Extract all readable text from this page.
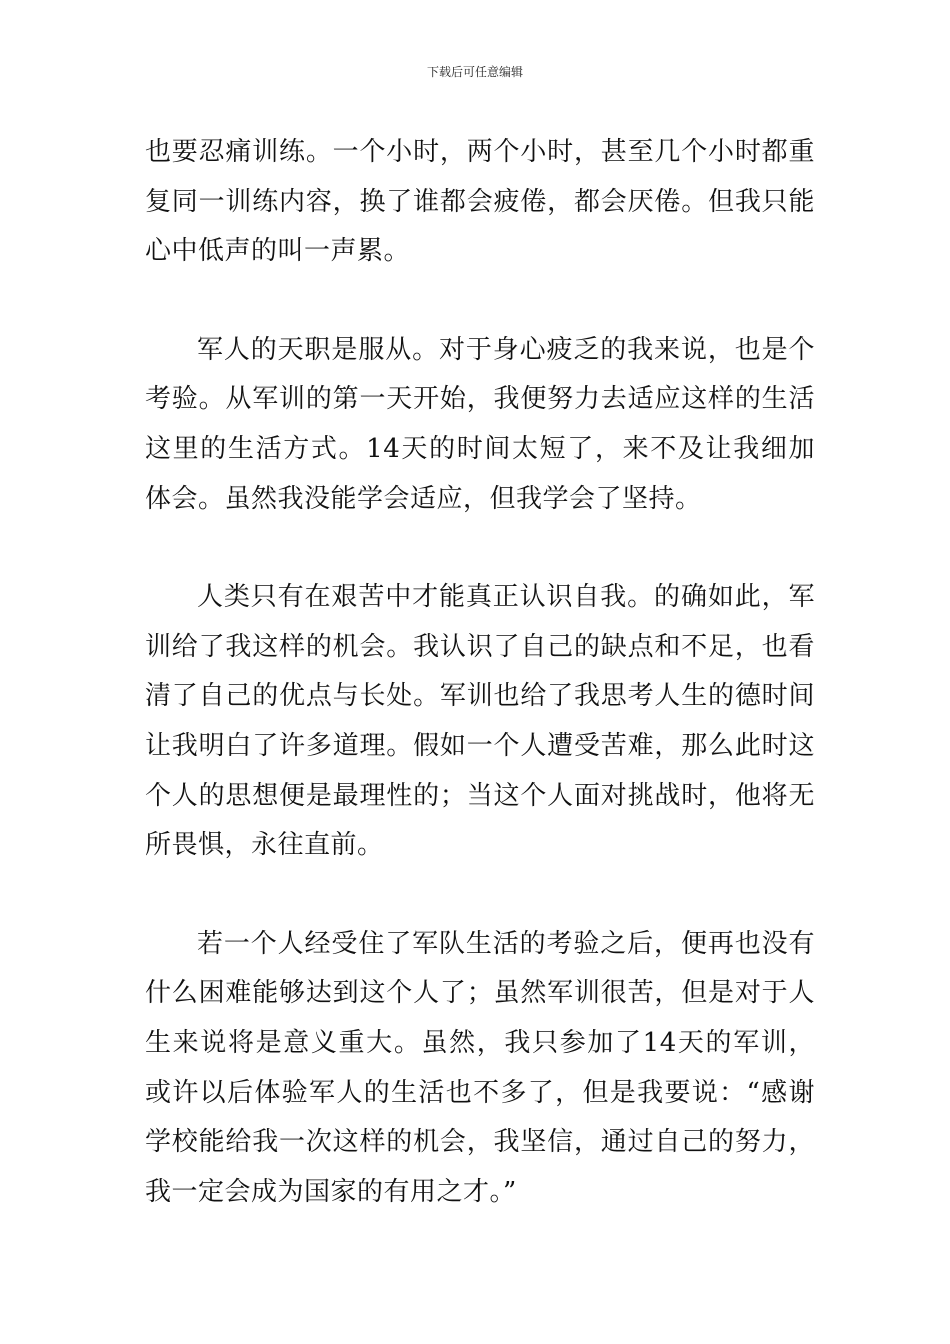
下载后可任意编辑

也要忍痛训练。一个小时，两个小时，甚至几个小时都重复同一训练内容，换了谁都会疲倦，都会厌倦。但我只能心中低声的叫一声累。

军人的天职是服从。对于身心疲乏的我来说，也是个考验。从军训的第一天开始，我便努力去适应这样的生活这里的生活方式。14天的时间太短了，来不及让我细加体会。虽然我没能学会适应，但我学会了坚持。

人类只有在艰苦中才能真正认识自我。的确如此，军训给了我这样的机会。我认识了自己的缺点和不足，也看清了自己的优点与长处。军训也给了我思考人生的德时间让我明白了许多道理。假如一个人遭受苦难，那么此时这个人的思想便是最理性的；当这个人面对挑战时，他将无所畏惧，永往直前。

若一个人经受住了军队生活的考验之后，便再也没有什么困难能够达到这个人了；虽然军训很苦，但是对于人生来说将是意义重大。虽然，我只参加了14天的军训，或许以后体验军人的生活也不多了，但是我要说：“感谢学校能给我一次这样的机会，我坚信，通过自己的努力，我一定会成为国家的有用之才。”
